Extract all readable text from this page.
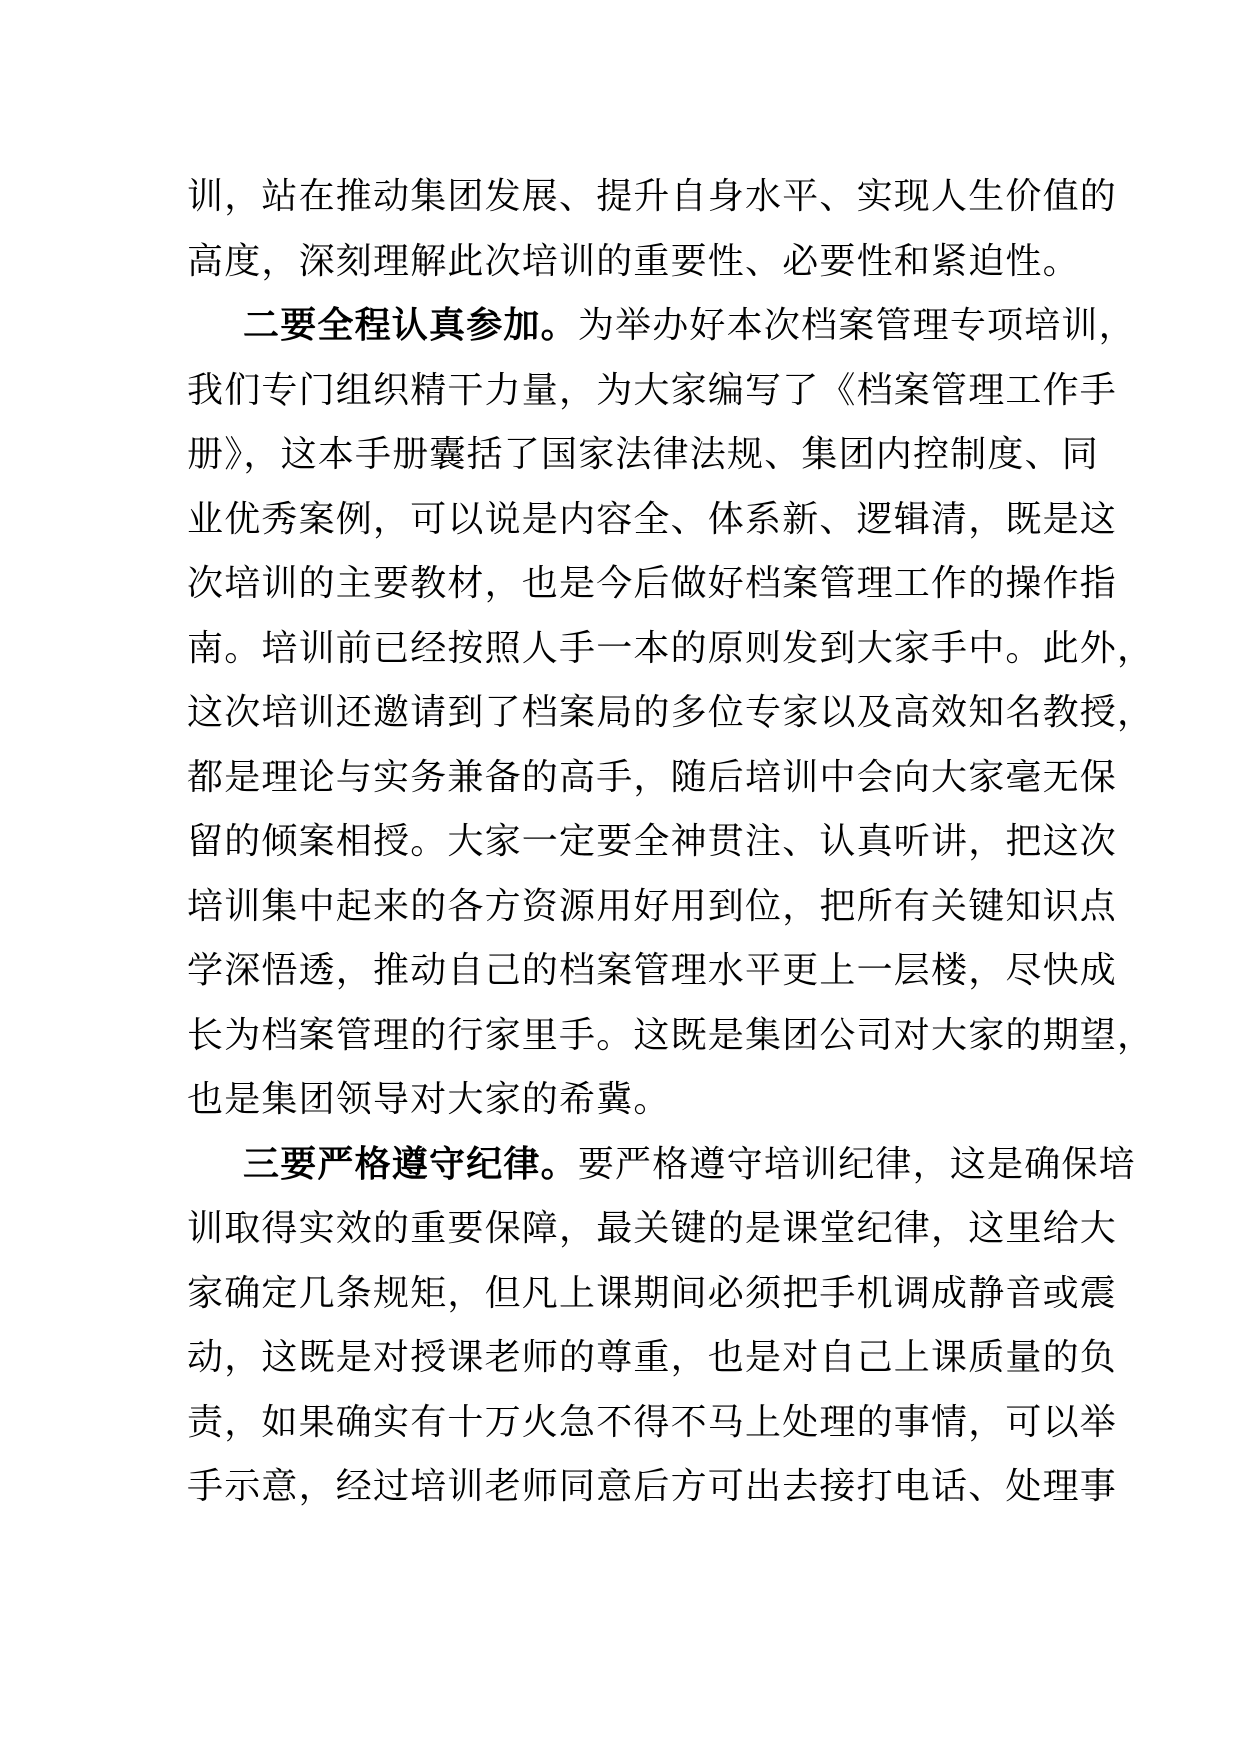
训，站在推动集团发展、提升自身水平、实现人生价值的
高度，深刻理解此次培训的重要性、必要性和紧迫性。
二要全程认真参加。为举办好本次档案管理专项培训，
我们专门组织精干力量，为大家编写了《档案管理工作手
册》，这本手册囊括了国家法律法规、集团内控制度、同
业优秀案例，可以说是内容全、体系新、逻辑清，既是这
次培训的主要教材，也是今后做好档案管理工作的操作指
南。培训前已经按照人手一本的原则发到大家手中。此外，
这次培训还邀请到了档案局的多位专家以及高效知名教授，
都是理论与实务兼备的高手，随后培训中会向大家毫无保
留的倾案相授。大家一定要全神贯注、认真听讲，把这次
培训集中起来的各方资源用好用到位，把所有关键知识点
学深悟透，推动自己的档案管理水平更上一层楼，尽快成
长为档案管理的行家里手。这既是集团公司对大家的期望，
也是集团领导对大家的希冀。
三要严格遵守纪律。要严格遵守培训纪律，这是确保培
训取得实效的重要保障，最关键的是课堂纪律，这里给大
家确定几条规矩，但凡上课期间必须把手机调成静音或震
动，这既是对授课老师的尊重，也是对自己上课质量的负
责，如果确实有十万火急不得不马上处理的事情，可以举
手示意，经过培训老师同意后方可出去接打电话、处理事
